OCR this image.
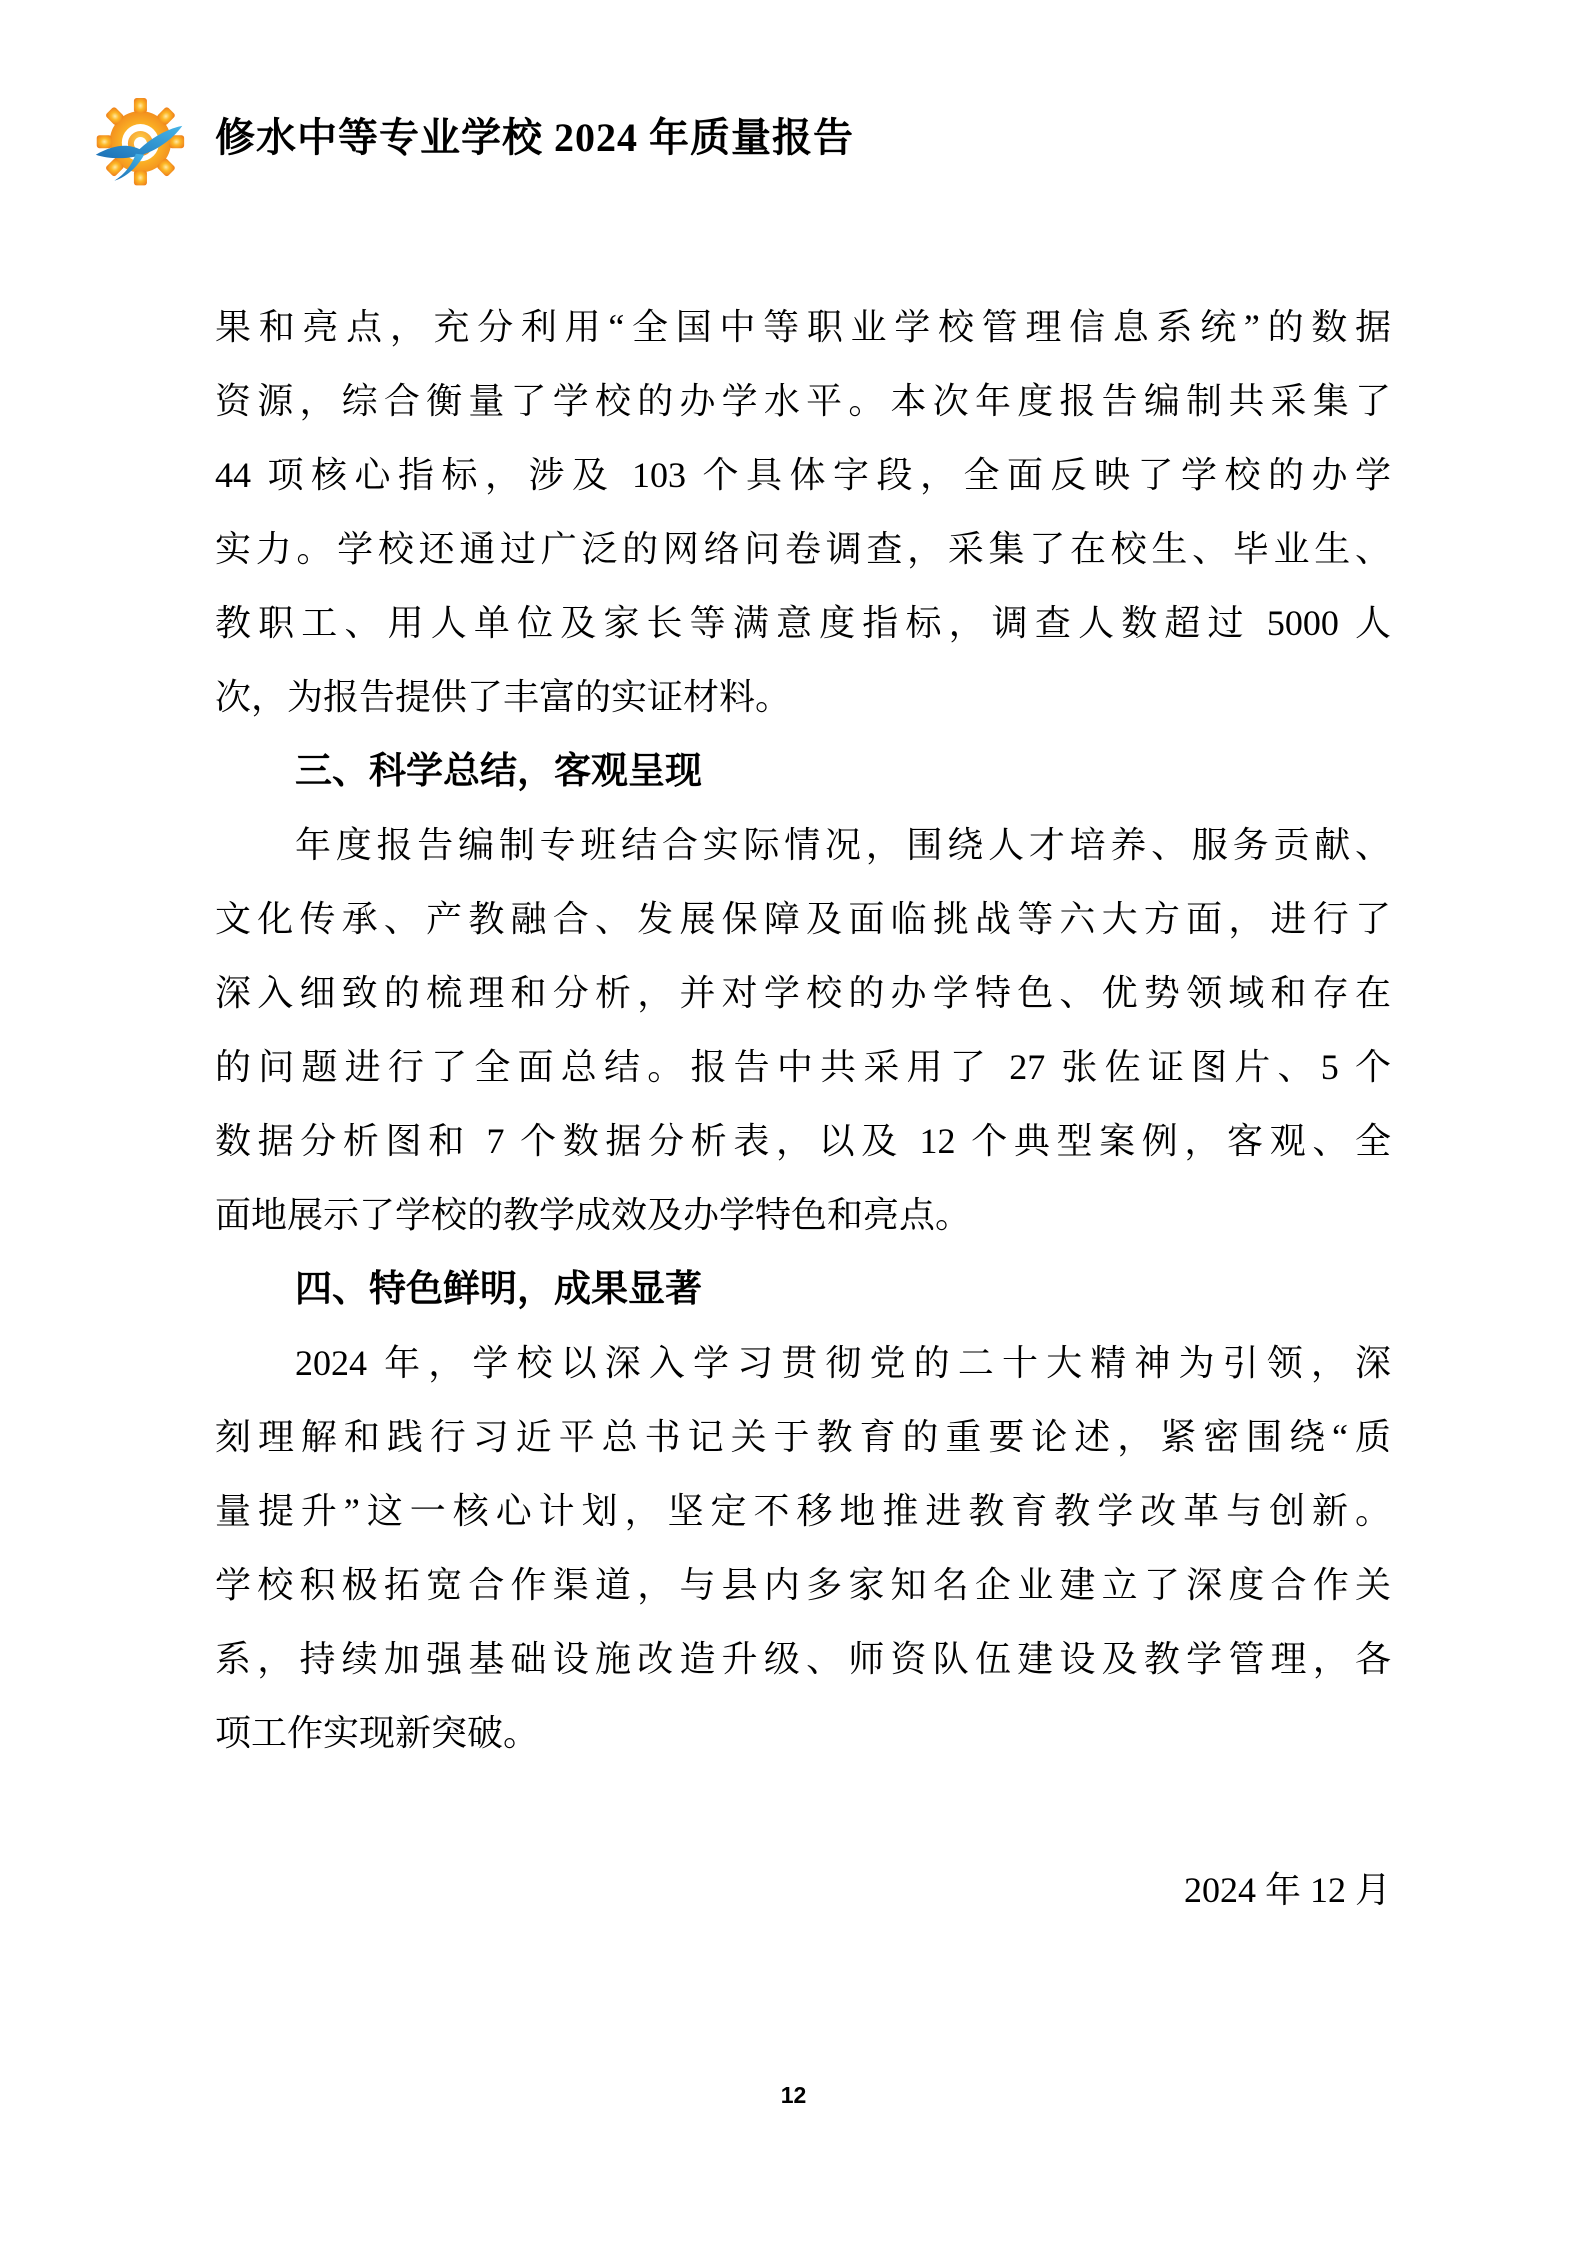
修水中等专业学校 2024 年质量报告
果和亮点，充分利用“全国中等职业学校管理信息系统”的数据
资源，综合衡量了学校的办学水平。本次年度报告编制共采集了
44 项核心指标，涉及 103 个具体字段，全面反映了学校的办学
实力。学校还通过广泛的网络问卷调查，采集了在校生、毕业生、
教职工、用人单位及家长等满意度指标，调查人数超过 5000 人
次，为报告提供了丰富的实证材料。
三、科学总结，客观呈现
年度报告编制专班结合实际情况，围绕人才培养、服务贡献、
文化传承、产教融合、发展保障及面临挑战等六大方面，进行了
深入细致的梳理和分析，并对学校的办学特色、优势领域和存在
的问题进行了全面总结。报告中共采用了 27 张佐证图片、5 个
数据分析图和 7 个数据分析表，以及 12 个典型案例，客观、全
面地展示了学校的教学成效及办学特色和亮点。
四、特色鲜明，成果显著
2024 年，学校以深入学习贯彻党的二十大精神为引领，深
刻理解和践行习近平总书记关于教育的重要论述，紧密围绕“质
量提升”这一核心计划，坚定不移地推进教育教学改革与创新。
学校积极拓宽合作渠道，与县内多家知名企业建立了深度合作关
系，持续加强基础设施改造升级、师资队伍建设及教学管理，各
项工作实现新突破。
2024 年 12 月
12
